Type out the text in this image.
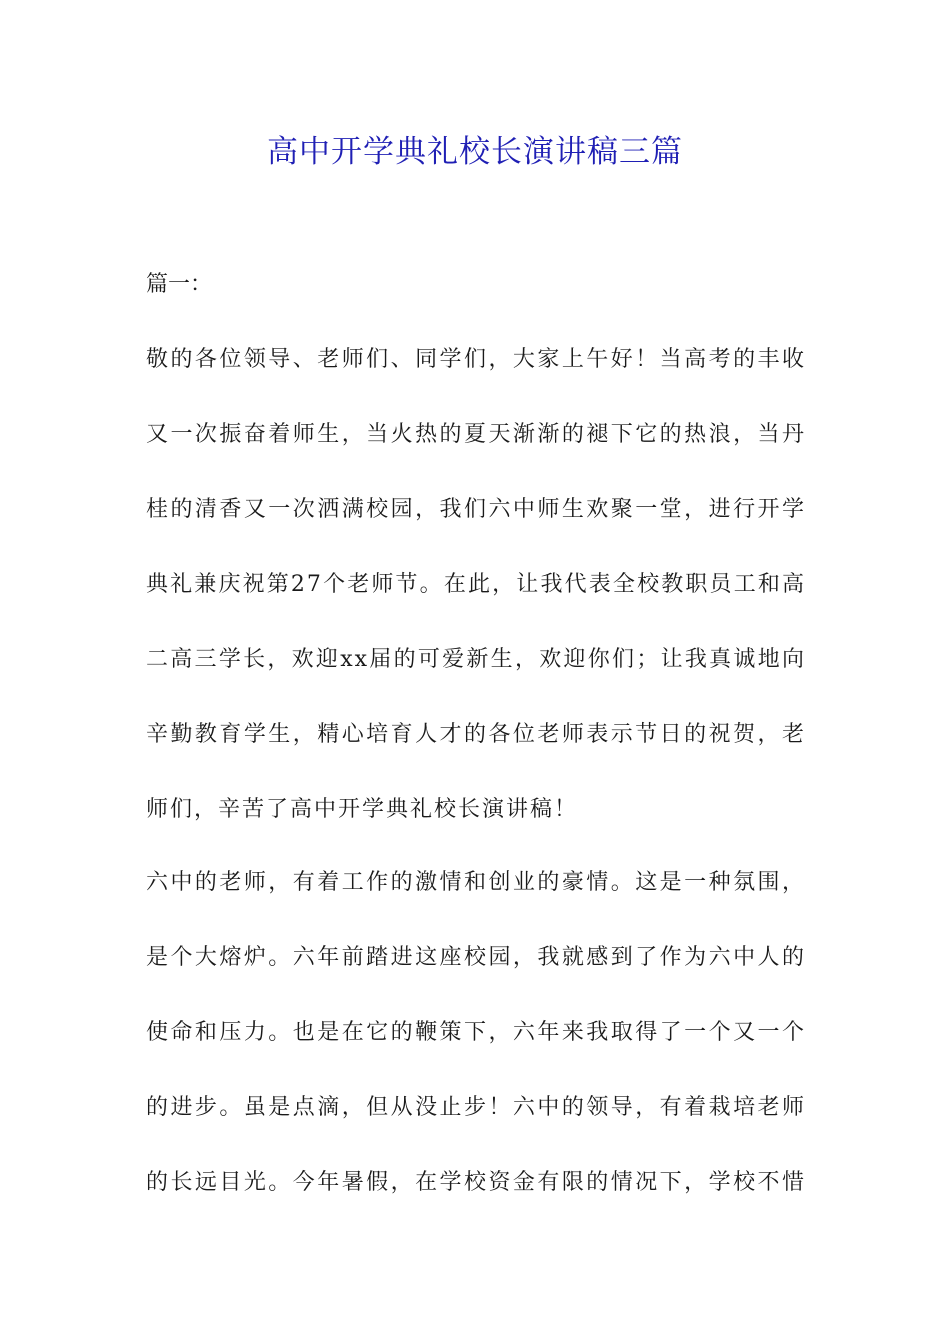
高中开学典礼校长演讲稿三篇
篇一：
敬的各位领导、老师们、同学们，大家上午好！当高考的丰收
又一次振奋着师生，当火热的夏天渐渐的褪下它的热浪，当丹
桂的清香又一次洒满校园，我们六中师生欢聚一堂，进行开学
典礼兼庆祝第27个老师节。在此，让我代表全校教职员工和高
二高三学长，欢迎xx届的可爱新生，欢迎你们；让我真诚地向
辛勤教育学生，精心培育人才的各位老师表示节日的祝贺，老
师们，辛苦了高中开学典礼校长演讲稿！
六中的老师，有着工作的激情和创业的豪情。这是一种氛围，
是个大熔炉。六年前踏进这座校园，我就感到了作为六中人的
使命和压力。也是在它的鞭策下，六年来我取得了一个又一个
的进步。虽是点滴，但从没止步！六中的领导，有着栽培老师
的长远目光。今年暑假，在学校资金有限的情况下，学校不惜
